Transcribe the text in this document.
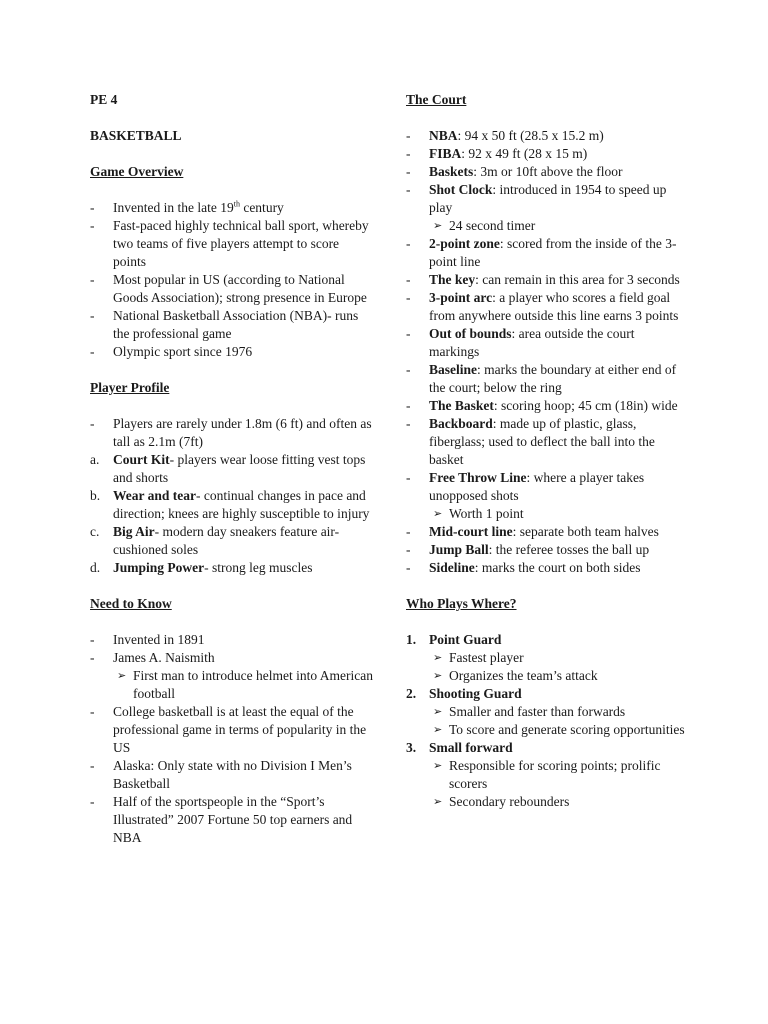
PE 4
BASKETBALL
Game Overview
-	Invented in the late 19th century
-	Fast-paced highly technical ball sport, whereby two teams of five players attempt to score points
-	Most popular in US (according to National Goods Association); strong presence in Europe
-	National Basketball Association (NBA)- runs the professional game
-	Olympic sport since 1976
Player Profile
-	Players are rarely under 1.8m (6 ft) and often as tall as 2.1m (7ft)
a.	Court Kit- players wear loose fitting vest tops and shorts
b. Wear and tear- continual changes in pace and direction; knees are highly susceptible to injury
c.	Big Air- modern day sneakers feature air-cushioned soles
d. Jumping Power- strong leg muscles
Need to Know
-	Invented in 1891
-	James A. Naismith
➢ First man to introduce helmet into American football
-	College basketball is at least the equal of the professional game in terms of popularity in the US
-	Alaska: Only state with no Division I Men’s Basketball
-	Half of the sportspeople in the “Sport’s Illustrated” 2007 Fortune 50 top earners and NBA
The Court
-	NBA: 94 x 50 ft (28.5 x 15.2 m)
-	FIBA: 92 x 49 ft (28 x 15 m)
-	Baskets: 3m or 10ft above the floor
-	Shot Clock: introduced in 1954 to speed up play
➢ 24 second timer
-	2-point zone: scored from the inside of the 3-point line
-	The key: can remain in this area for 3 seconds
-	3-point arc: a player who scores a field goal from anywhere outside this line earns 3 points
-	Out of bounds: area outside the court markings
-	Baseline: marks the boundary at either end of the court; below the ring
-	The Basket: scoring hoop; 45 cm (18in) wide
-	Backboard: made up of plastic, glass, fiberglass; used to deflect the ball into the basket
-	Free Throw Line: where a player takes unopposed shots
➢ Worth 1 point
-	Mid-court line: separate both team halves
-	Jump Ball: the referee tosses the ball up
-	Sideline: marks the court on both sides
Who Plays Where?
1. Point Guard
➢ Fastest player
➢ Organizes the team’s attack
2. Shooting Guard
➢ Smaller and faster than forwards
➢ To score and generate scoring opportunities
3. Small forward
➢ Responsible for scoring points; prolific scorers
➢ Secondary rebounders
